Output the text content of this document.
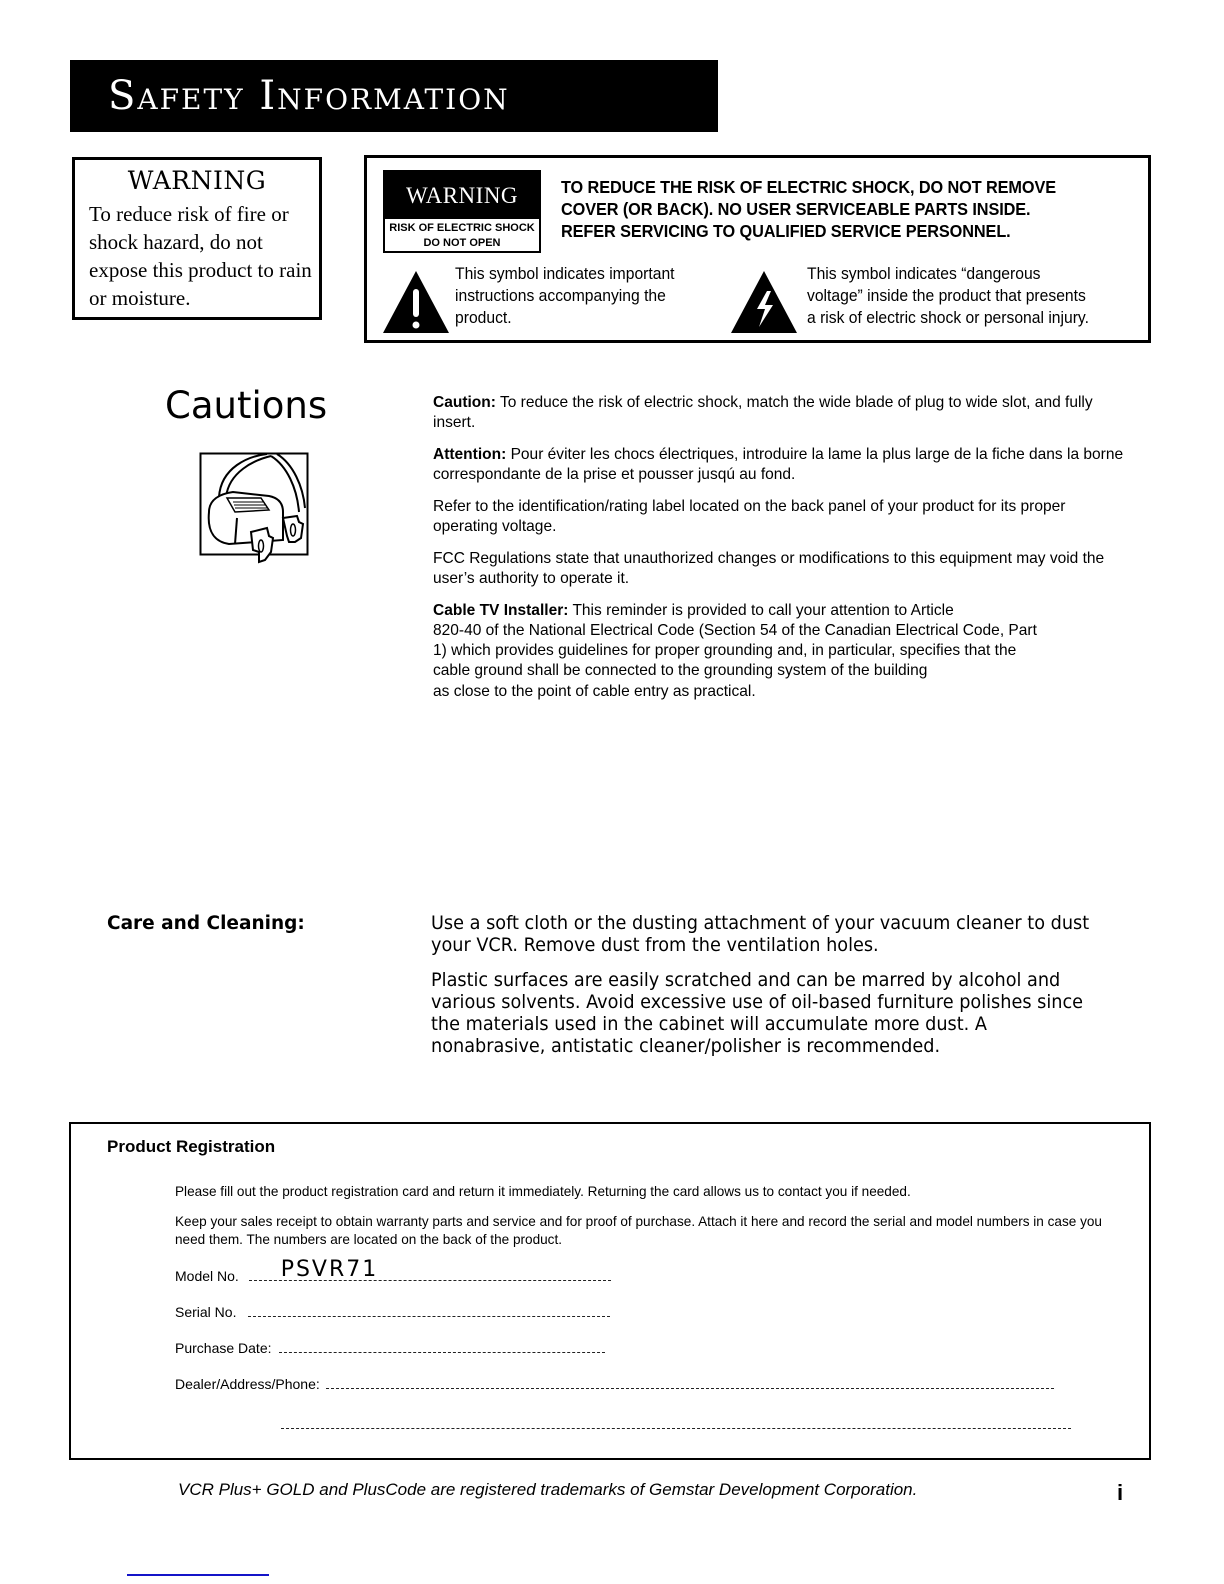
Safety Information
WARNING
To reduce risk of fire or shock hazard, do not expose this product to rain or moisture.
WARNING
RISK OF ELECTRIC SHOCK
DO NOT OPEN
TO REDUCE THE RISK OF ELECTRIC SHOCK, DO NOT REMOVE
COVER (OR BACK). NO USER SERVICEABLE PARTS INSIDE.
REFER SERVICING TO QUALIFIED SERVICE PERSONNEL.
This symbol indicates important
instructions accompanying the
product.
This symbol indicates “dangerous
voltage” inside the product that presents
a risk of electric shock or personal injury.
Cautions	Caution: To reduce the risk of electric shock, match the wide blade of plug to wide slot, and fully insert.

Attention: Pour éviter les chocs électriques, introduire la lame la plus large de la fiche dans la borne correspondante de la prise et pousser jusqú au fond.

Refer to the identification/rating label located on the back panel of your product for its proper operating voltage.

FCC Regulations state that unauthorized changes or modifications to this equipment may void the user’s authority to operate it.

Cable TV Installer: This reminder is provided to call your attention to Article
820-40 of the National Electrical Code (Section 54 of the Canadian Electrical Code, Part
1) which provides guidelines for proper grounding and, in particular, specifies that the
cable ground shall be connected to the grounding system of the building
as close to the point of cable entry as practical.

Care and Cleaning:	Use a soft cloth or the dusting attachment of your vacuum cleaner to dust
your VCR. Remove dust from the ventilation holes.

Plastic surfaces are easily scratched and can be marred by alcohol and
various solvents. Avoid excessive use of oil-based furniture polishes since
the materials used in the cabinet will accumulate more dust. A
nonabrasive, antistatic cleaner/polisher is recommended.

Product Registration
Please fill out the product registration card and return it immediately. Returning the card allows us to contact you if needed.
Keep your sales receipt to obtain warranty parts and service and for proof of purchase. Attach it here and record the serial and model numbers in case you need them. The numbers are located on the back of the product.
Model No. PSVR71
Serial No.
Purchase Date:
Dealer/Address/Phone:
VCR Plus+ GOLD and PlusCode are registered trademarks of Gemstar Development Corporation.	i
